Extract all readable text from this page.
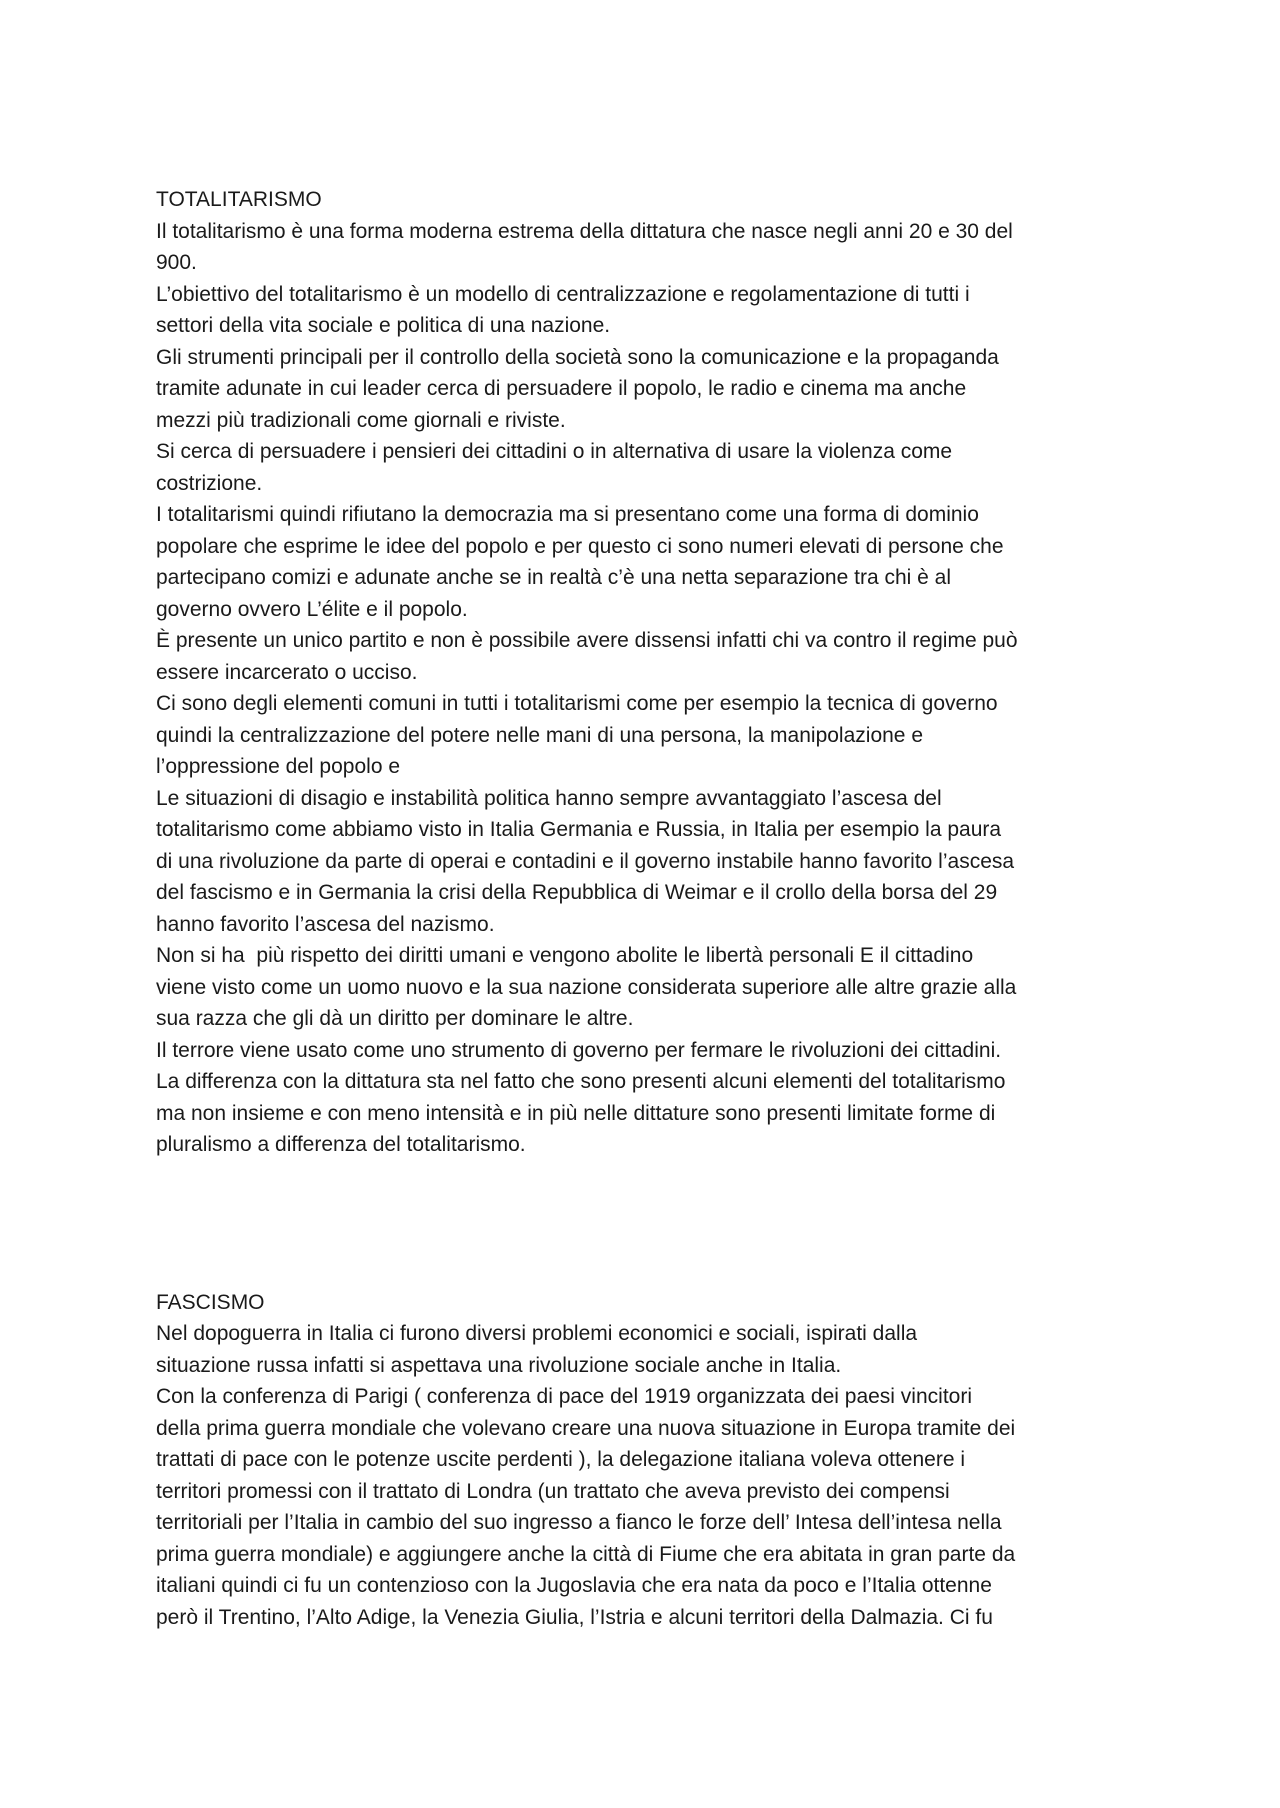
TOTALITARISMO

Il totalitarismo è una forma moderna estrema della dittatura che nasce negli anni 20 e 30 del

900.

L’obiettivo del totalitarismo è un modello di centralizzazione e regolamentazione di tutti i

settori della vita sociale e politica di una nazione.

Gli strumenti principali per il controllo della società sono la comunicazione e la propaganda

tramite adunate in cui leader cerca di persuadere il popolo, le radio e cinema ma anche

mezzi più tradizionali come giornali e riviste.

Si cerca di persuadere i pensieri dei cittadini o in alternativa di usare la violenza come

costrizione.

I totalitarismi quindi rifiutano la democrazia ma si presentano come una forma di dominio

popolare che esprime le idee del popolo e per questo ci sono numeri elevati di persone che

partecipano comizi e adunate anche se in realtà c’è una netta separazione tra chi è al

governo ovvero L’élite e il popolo.

È presente un unico partito e non è possibile avere dissensi infatti chi va contro il regime può

essere incarcerato o ucciso.

Ci sono degli elementi comuni in tutti i totalitarismi come per esempio la tecnica di governo

quindi la centralizzazione del potere nelle mani di una persona, la manipolazione e

l’oppressione del popolo e

Le situazioni di disagio e instabilità politica hanno sempre avvantaggiato l’ascesa del

totalitarismo come abbiamo visto in Italia Germania e Russia, in Italia per esempio la paura

di una rivoluzione da parte di operai e contadini e il governo instabile hanno favorito l’ascesa

del fascismo e in Germania la crisi della Repubblica di Weimar e il crollo della borsa del 29

hanno favorito l’ascesa del nazismo.

Non si ha  più rispetto dei diritti umani e vengono abolite le libertà personali E il cittadino

viene visto come un uomo nuovo e la sua nazione considerata superiore alle altre grazie alla

sua razza che gli dà un diritto per dominare le altre.

Il terrore viene usato come uno strumento di governo per fermare le rivoluzioni dei cittadini.

La differenza con la dittatura sta nel fatto che sono presenti alcuni elementi del totalitarismo

ma non insieme e con meno intensità e in più nelle dittature sono presenti limitate forme di

pluralismo a differenza del totalitarismo.

FASCISMO

Nel dopoguerra in Italia ci furono diversi problemi economici e sociali, ispirati dalla

situazione russa infatti si aspettava una rivoluzione sociale anche in Italia.

Con la conferenza di Parigi ( conferenza di pace del 1919 organizzata dei paesi vincitori

della prima guerra mondiale che volevano creare una nuova situazione in Europa tramite dei

trattati di pace con le potenze uscite perdenti ), la delegazione italiana voleva ottenere i

territori promessi con il trattato di Londra (un trattato che aveva previsto dei compensi

territoriali per l’Italia in cambio del suo ingresso a fianco le forze dell’ Intesa dell’intesa nella

prima guerra mondiale) e aggiungere anche la città di Fiume che era abitata in gran parte da

italiani quindi ci fu un contenzioso con la Jugoslavia che era nata da poco e l’Italia ottenne

però il Trentino, l’Alto Adige, la Venezia Giulia, l’Istria e alcuni territori della Dalmazia. Ci fu
